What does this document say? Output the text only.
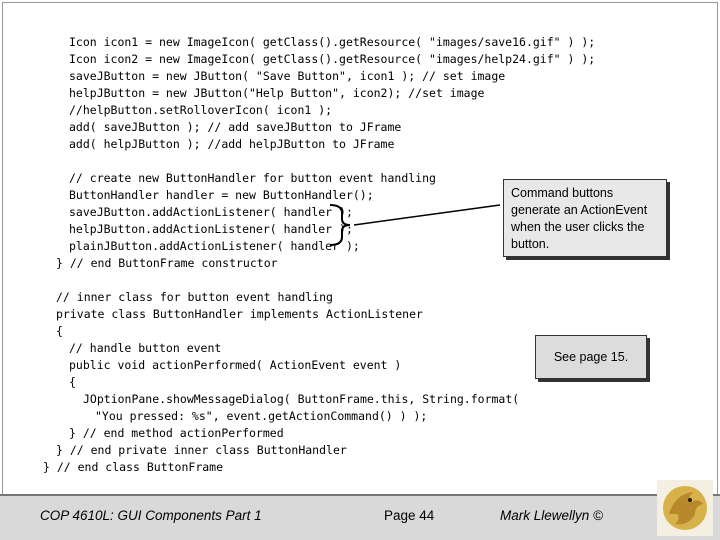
Icon icon1 = new ImageIcon( getClass().getResource( "images/save16.gif" ) );

Icon icon2 = new ImageIcon( getClass().getResource( "images/help24.gif" ) );

saveJButton = new JButton( "Save Button", icon1 ); // set image

helpJButton = new JButton("Help Button", icon2); //set image

//helpButton.setRolloverIcon( icon1 );

add( saveJButton ); // add saveJButton to JFrame

add( helpJButton ); //add helpJButton to JFrame

// create new ButtonHandler for button event handling

ButtonHandler handler = new ButtonHandler();

saveJButton.addActionListener( handler );

helpJButton.addActionListener( handler );

plainJButton.addActionListener( handler );

} // end ButtonFrame constructor

// inner class for button event handling

private class ButtonHandler implements ActionListener

{

// handle button event

public void actionPerformed( ActionEvent event )

{

JOptionPane.showMessageDialog( ButtonFrame.this, String.format(

"You pressed: %s", event.getActionCommand() ) );

} // end method actionPerformed

} // end private inner class ButtonHandler

} // end class ButtonFrame

Command buttons generate an ActionEvent when the user clicks the button.
See page 15.
COP 4610L: GUI Components Part 1	Page 44	Mark Llewellyn ©
